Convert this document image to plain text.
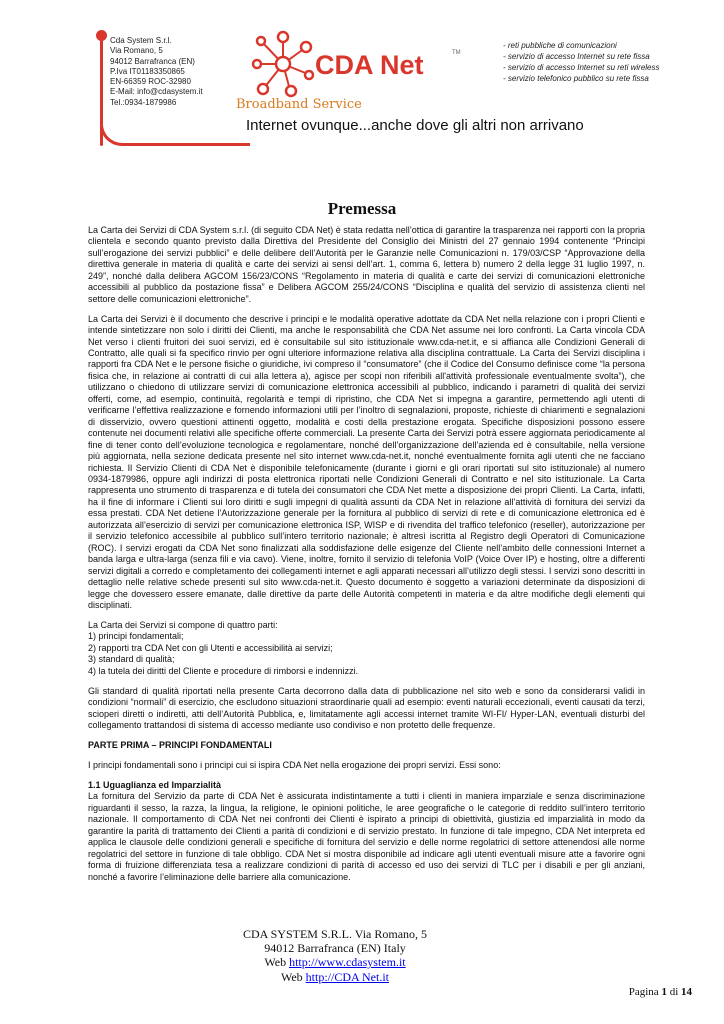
Cda System S.r.l.
Via Romano, 5
94012 Barrafranca (EN)
P.Iva IT01183350865
EN-66359 ROC-32980
E-Mail: info@cdasystem.it
Tel.:0934-1879986
CDA Net	TM
Broadband Service
Internet ovunque...anche dove gli altri non arrivano
- reti pubbliche di comunicazioni
- servizio di accesso Internet su rete fissa
- servizio di accesso Internet su reti wireless
- servizio telefonico pubblico su rete fissa
Premessa

La Carta dei Servizi di CDA System s.r.l. (di seguito CDA Net) è stata redatta nell’ottica di garantire la trasparenza nei rapporti con la propria clientela e secondo quanto previsto dalla Direttiva del Presidente del Consiglio dei Ministri del 27 gennaio 1994 contenente “Principi sull’erogazione dei servizi pubblici” e delle delibere dell’Autorità per le Garanzie nelle Comunicazioni n. 179/03/CSP “Approvazione della direttiva generale in materia di qualità e carte dei servizi ai sensi dell’art. 1, comma 6, lettera b) numero 2 della legge 31 luglio 1997, n. 249”, nonché dalla delibera AGCOM 156/23/CONS “Regolamento in materia di qualità e carte dei servizi di comunicazioni elettroniche accessibili al pubblico da postazione fissa” e Delibera AGCOM 255/24/CONS “Disciplina e qualità del servizio di assistenza clienti nel settore delle comunicazioni elettroniche”.

La Carta dei Servizi è il documento che descrive i principi e le modalità operative adottate da CDA Net nella relazione con i propri Clienti e intende sintetizzare non solo i diritti dei Clienti, ma anche le responsabilità che CDA Net assume nei loro confronti. La Carta vincola CDA Net verso i clienti fruitori dei suoi servizi, ed è consultabile sul sito istituzionale www.cda-net.it, e si affianca alle Condizioni Generali di Contratto, alle quali si fa specifico rinvio per ogni ulteriore informazione relativa alla disciplina contrattuale. La Carta dei Servizi disciplina i rapporti fra CDA Net e le persone fisiche o giuridiche, ivi compreso il “consumatore” (che il Codice del Consumo definisce come “la persona fisica che, in relazione ai contratti di cui alla lettera a), agisce per scopi non riferibili all'attività professionale eventualmente svolta”), che utilizzano o chiedono di utilizzare servizi di comunicazione elettronica accessibili al pubblico, indicando i parametri di qualità dei servizi offerti, come, ad esempio, continuità, regolarità e tempi di ripristino, che CDA Net si impegna a garantire, permettendo agli utenti di verificarne l’effettiva realizzazione e fornendo informazioni utili per l’inoltro di segnalazioni, proposte, richieste di chiarimenti e segnalazioni di disservizio, ovvero questioni attinenti oggetto, modalità e costi della prestazione erogata. Specifiche disposizioni possono essere contenute nei documenti relativi alle specifiche offerte commerciali. La presente Carta dei Servizi potrà essere aggiornata periodicamente al fine di tener conto dell’evoluzione tecnologica e regolamentare, nonché dell’organizzazione dell’azienda ed è consultabile, nella versione più aggiornata, nella sezione dedicata presente nel sito internet www.cda-net.it, nonché eventualmente fornita agli utenti che ne facciano richiesta. Il Servizio Clienti di CDA Net è disponibile telefonicamente (durante i giorni e gli orari riportati sul sito istituzionale) al numero 0934-1879986, oppure agli indirizzi di posta elettronica riportati nelle Condizioni Generali di Contratto e nel sito istituzionale. La Carta rappresenta uno strumento di trasparenza e di tutela dei consumatori che CDA Net mette a disposizione dei propri Clienti. La Carta, infatti, ha il fine di informare i Clienti sui loro diritti e sugli impegni di qualità assunti da CDA Net in relazione all’attività di fornitura dei servizi da essa prestati. CDA Net detiene l’Autorizzazione generale per la fornitura al pubblico di servizi di rete e di comunicazione elettronica ed è autorizzata all’esercizio di servizi per comunicazione elettronica ISP, WISP e di rivendita del traffico telefonico (reseller), autorizzazione per il servizio telefonico accessibile al pubblico sull’intero territorio nazionale; è altresì iscritta al Registro degli Operatori di Comunicazione (ROC). I servizi erogati da CDA Net sono finalizzati alla soddisfazione delle esigenze del Cliente nell’ambito delle connessioni Internet a banda larga e ultra-larga (senza fili e via cavo). Viene, inoltre, fornito il servizio di telefonia VoIP (Voice Over IP) e hosting, oltre a differenti servizi digitali a corredo e completamento dei collegamenti internet e agli apparati necessari all’utilizzo degli stessi. I servizi sono descritti in dettaglio nelle relative schede presenti sul sito www.cda-net.it. Questo documento è soggetto a variazioni determinate da disposizioni di legge che dovessero essere emanate, dalle direttive da parte delle Autorità competenti in materia e da altre modifiche degli elementi qui disciplinati.

La Carta dei Servizi si compone di quattro parti:
1) principi fondamentali;
2) rapporti tra CDA Net con gli Utenti e accessibilità ai servizi;
3) standard di qualità;
4) la tutela dei diritti del Cliente e procedure di rimborsi e indennizzi.

Gli standard di qualità riportati nella presente Carta decorrono dalla data di pubblicazione nel sito web e sono da considerarsi validi in condizioni “normali” di esercizio, che escludono situazioni straordinarie quali ad esempio: eventi naturali eccezionali, eventi causati da terzi, scioperi diretti o indiretti, atti dell’Autorità Pubblica, e, limitatamente agli accessi internet tramite WI-FI/ Hyper-LAN, eventuali disturbi del collegamento trattandosi di sistema di accesso mediante uso condiviso e non protetto delle frequenze.

PARTE PRIMA – PRINCIPI FONDAMENTALI

I principi fondamentali sono i principi cui si ispira CDA Net nella erogazione dei propri servizi. Essi sono:

1.1 Uguaglianza ed Imparzialità

La fornitura del Servizio da parte di CDA Net è assicurata indistintamente a tutti i clienti in maniera imparziale e senza discriminazione riguardanti il sesso, la razza, la lingua, la religione, le opinioni politiche, le aree geografiche o le categorie di reddito sull’intero territorio nazionale. Il comportamento di CDA Net nei confronti dei Clienti è ispirato a principi di obiettività, giustizia ed imparzialità in modo da garantire la parità di trattamento dei Clienti a parità di condizioni e di servizio prestato. In funzione di tale impegno, CDA Net interpreta ed applica le clausole delle condizioni generali e specifiche di fornitura del servizio e delle norme regolatrici di settore attenendosi alle norme regolatrici del settore in funzione di tale obbligo. CDA Net si mostra disponibile ad indicare agli utenti eventuali misure atte a favorire ogni forma di fruizione differenziata tesa a realizzare condizioni di parità di accesso ed uso dei servizi di TLC per i disabili e per gli anziani, nonché a favorire l’eliminazione delle barriere alla comunicazione.

CDA SYSTEM S.R.L. Via Romano, 5
94012 Barrafranca (EN) Italy
Web http://www.cdasystem.it
Web http://CDA Net.it
Pagina 1 di 14
